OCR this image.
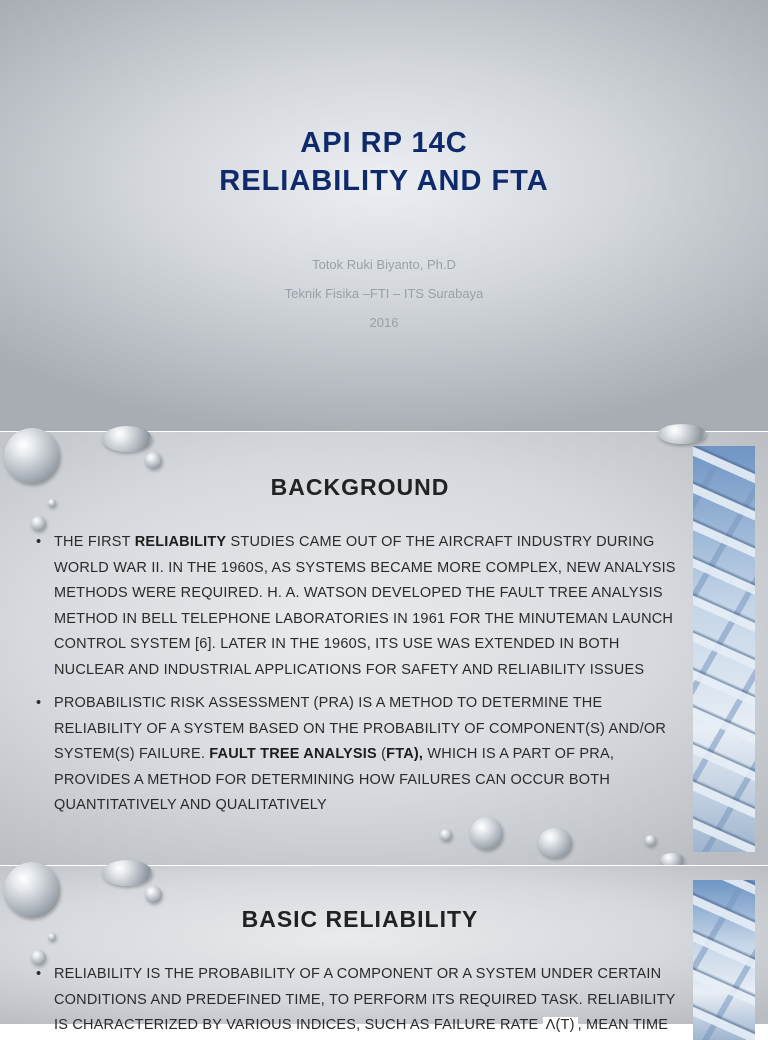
API RP 14C
RELIABILITY AND FTA
Totok Ruki Biyanto, Ph.D
Teknik Fisika –FTI – ITS Surabaya
2016
BACKGROUND
• THE FIRST RELIABILITY STUDIES CAME OUT OF THE AIRCRAFT INDUSTRY DURING WORLD WAR II. IN THE 1960S, AS SYSTEMS BECAME MORE COMPLEX, NEW ANALYSIS METHODS WERE REQUIRED. H. A. WATSON DEVELOPED THE FAULT TREE ANALYSIS METHOD IN BELL TELEPHONE LABORATORIES IN 1961 FOR THE MINUTEMAN LAUNCH CONTROL SYSTEM [6]. LATER IN THE 1960S, ITS USE WAS EXTENDED IN BOTH NUCLEAR AND INDUSTRIAL APPLICATIONS FOR SAFETY AND RELIABILITY ISSUES
• PROBABILISTIC RISK ASSESSMENT (PRA) IS A METHOD TO DETERMINE THE RELIABILITY OF A SYSTEM BASED ON THE PROBABILITY OF COMPONENT(S) AND/OR SYSTEM(S) FAILURE. FAULT TREE ANALYSIS (FTA), WHICH IS A PART OF PRA, PROVIDES A METHOD FOR DETERMINING HOW FAILURES CAN OCCUR BOTH QUANTITATIVELY AND QUALITATIVELY
BASIC RELIABILITY
• RELIABILITY IS THE PROBABILITY OF A COMPONENT OR A SYSTEM UNDER CERTAIN CONDITIONS AND PREDEFINED TIME, TO PERFORM ITS REQUIRED TASK. RELIABILITY IS CHARACTERIZED BY VARIOUS INDICES, SUCH AS FAILURE RATE Λ(T) , MEAN TIME
